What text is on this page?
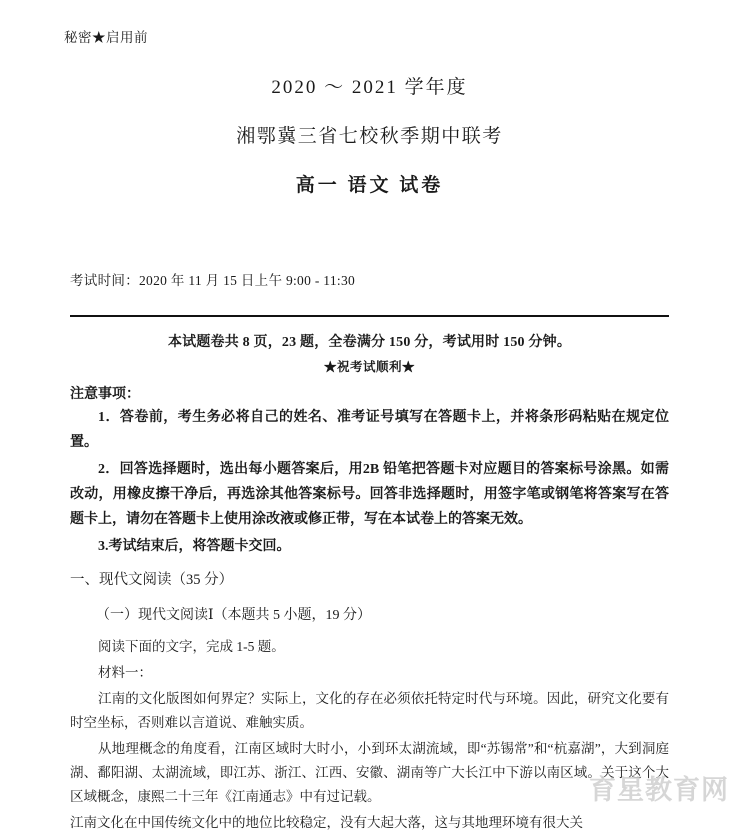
秘密★启用前
2020 ～ 2021 学年度
湘鄂冀三省七校秋季期中联考
高一 语文 试卷
考试时间：2020 年 11 月 15 日上午 9:00 - 11:30
本试题卷共 8 页，23 题，全卷满分 150 分，考试用时 150 分钟。
★祝考试顺利★
注意事项：
1．答卷前，考生务必将自己的姓名、准考证号填写在答题卡上，并将条形码粘贴在规定位置。
2．回答选择题时，选出每小题答案后，用2B 铅笔把答题卡对应题目的答案标号涂黑。如需改动，用橡皮擦干净后，再选涂其他答案标号。回答非选择题时，用签字笔或钢笔将答案写在答题卡上，请勿在答题卡上使用涂改液或修正带，写在本试卷上的答案无效。
3.考试结束后，将答题卡交回。
一、现代文阅读（35 分）
（一）现代文阅读Ⅰ（本题共 5 小题，19 分）
阅读下面的文字，完成 1-5 题。
材料一：
江南的文化版图如何界定？实际上，文化的存在必须依托特定时代与环境。因此，研究文化要有时空坐标，否则难以言道说、难触实质。
从地理概念的角度看，江南区域时大时小，小到环太湖流域，即“苏锡常”和“杭嘉湖”，大到洞庭湖、鄱阳湖、太湖流域，即江苏、浙江、江西、安徽、湖南等广大长江中下游以南区域。关于这个大区域概念，康熙二十三年《江南通志》中有过记载。
江南文化在中国传统文化中的地位比较稳定，没有大起大落，这与其地理环境有很大关
育星教育网
